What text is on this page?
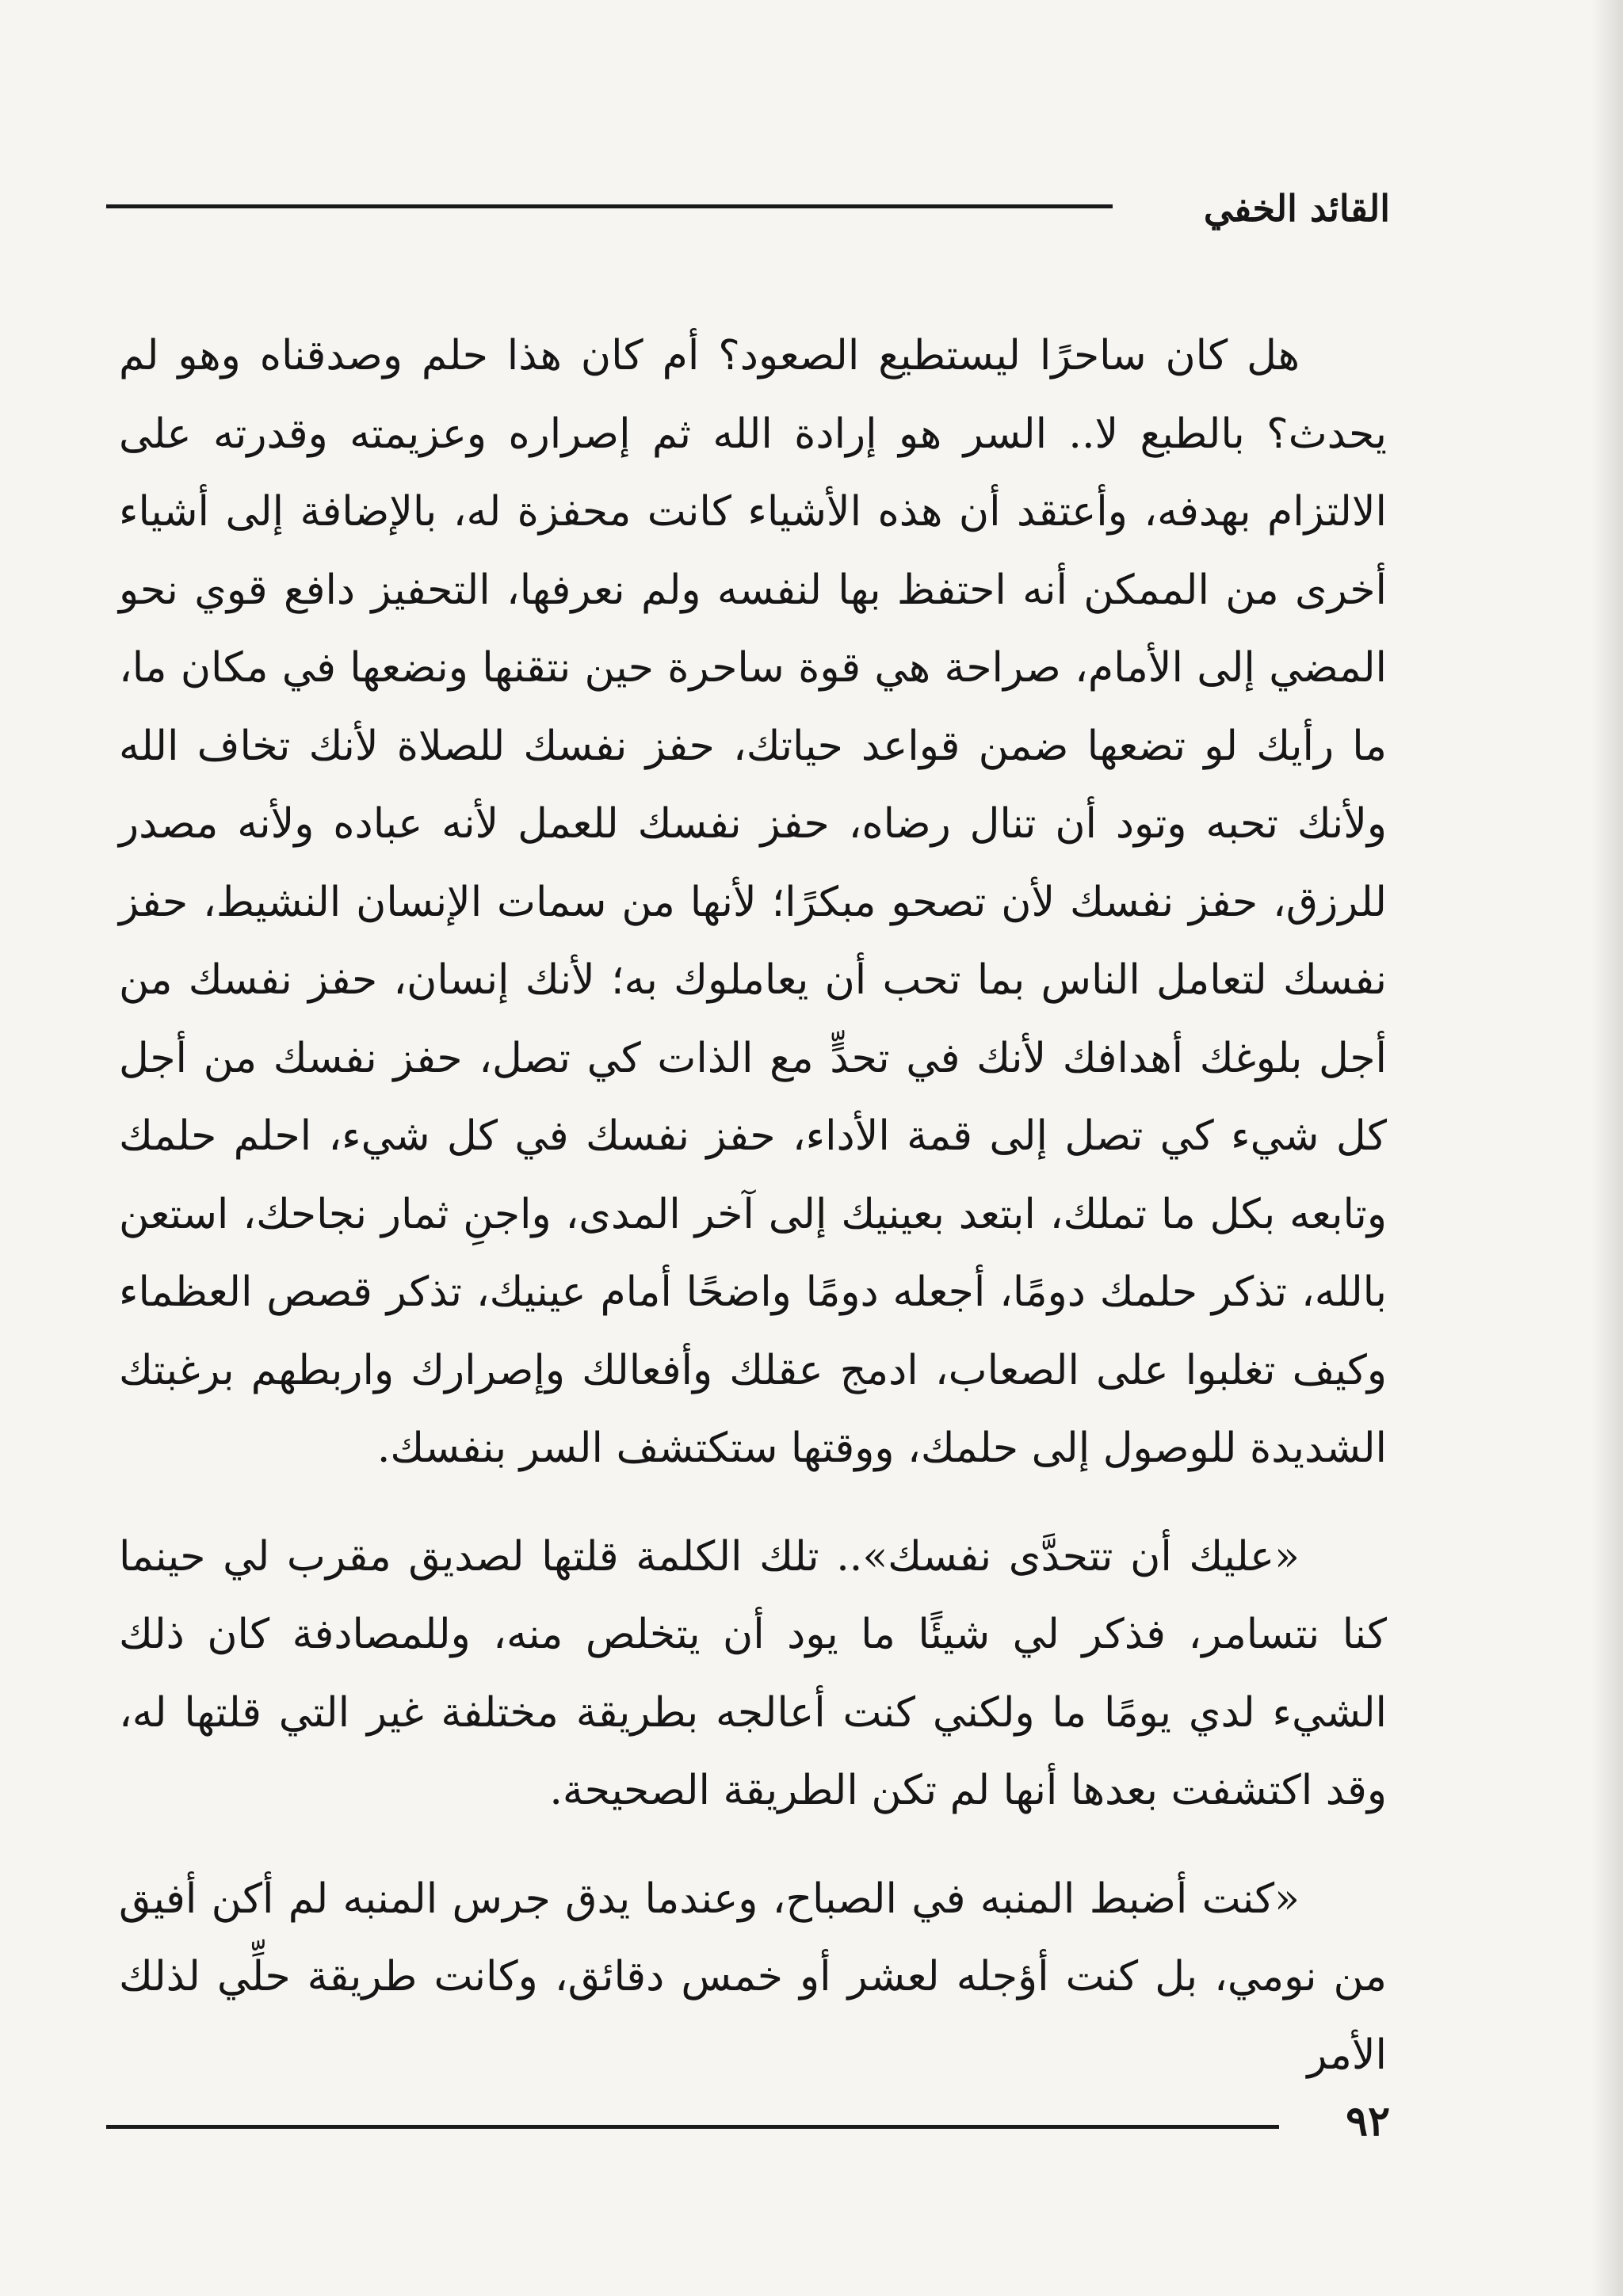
القائد الخفي

هل كان ساحرًا ليستطيع الصعود؟ أم كان هذا حلم وصدقناه وهو لم يحدث؟ بالطبع لا.. السر هو إرادة الله ثم إصراره وعزيمته وقدرته على الالتزام بهدفه، وأعتقد أن هذه الأشياء كانت محفزة له، بالإضافة إلى أشياء أخرى من الممكن أنه احتفظ بها لنفسه ولم نعرفها، التحفيز دافع قوي نحو المضي إلى الأمام، صراحة هي قوة ساحرة حين نتقنها ونضعها في مكان ما، ما رأيك لو تضعها ضمن قواعد حياتك، حفز نفسك للصلاة لأنك تخاف الله ولأنك تحبه وتود أن تنال رضاه، حفز نفسك للعمل لأنه عباده ولأنه مصدر للرزق، حفز نفسك لأن تصحو مبكرًا؛ لأنها من سمات الإنسان النشيط، حفز نفسك لتعامل الناس بما تحب أن يعاملوك به؛ لأنك إنسان، حفز نفسك من أجل بلوغك أهدافك لأنك في تحدٍّ مع الذات كي تصل، حفز نفسك من أجل كل شيء كي تصل إلى قمة الأداء، حفز نفسك في كل شيء، احلم حلمك وتابعه بكل ما تملك، ابتعد بعينيك إلى آخر المدى، واجنِ ثمار نجاحك، استعن بالله، تذكر حلمك دومًا، أجعله دومًا واضحًا أمام عينيك، تذكر قصص العظماء وكيف تغلبوا على الصعاب، ادمج عقلك وأفعالك وإصرارك واربطهم برغبتك الشديدة للوصول إلى حلمك، ووقتها ستكتشف السر بنفسك.

«عليك أن تتحدَّى نفسك».. تلك الكلمة قلتها لصديق مقرب لي حينما كنا نتسامر، فذكر لي شيئًا ما يود أن يتخلص منه، وللمصادفة كان ذلك الشيء لدي يومًا ما ولكني كنت أعالجه بطريقة مختلفة غير التي قلتها له، وقد اكتشفت بعدها أنها لم تكن الطريقة الصحيحة.

«كنت أضبط المنبه في الصباح، وعندما يدق جرس المنبه لم أكن أفيق من نومي، بل كنت أؤجله لعشر أو خمس دقائق، وكانت طريقة حلِّي لذلك الأمر

٩٢
